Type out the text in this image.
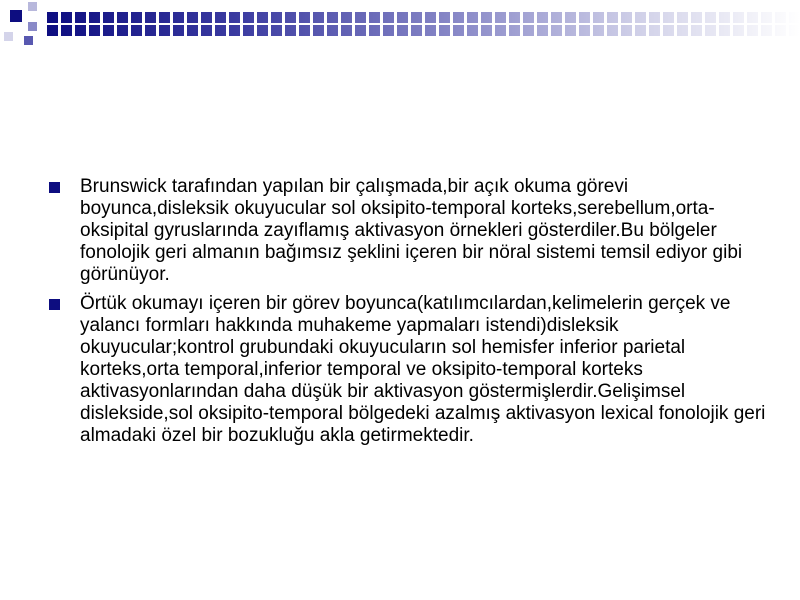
Brunswick tarafından yapılan bir çalışmada,bir açık okuma görevi boyunca,disleksik okuyucular sol oksipito-temporal korteks,serebellum,orta-oksipital gyruslarında zayıflamış aktivasyon örnekleri gösterdiler.Bu bölgeler fonolojik geri almanın bağımsız şeklini içeren bir nöral sistemi temsil ediyor gibi görünüyor.

Örtük okumayı içeren bir görev boyunca(katılımcılardan,kelimelerin gerçek ve yalancı formları hakkında muhakeme yapmaları istendi)disleksik okuyucular;kontrol grubundaki okuyucuların sol hemisfer inferior parietal korteks,orta temporal,inferior temporal ve oksipito-temporal korteks aktivasyonlarından daha düşük bir aktivasyon göstermişlerdir.Gelişimsel dislekside,sol oksipito-temporal bölgedeki azalmış aktivasyon lexical fonolojik geri almadaki özel bir bozukluğu akla getirmektedir.
